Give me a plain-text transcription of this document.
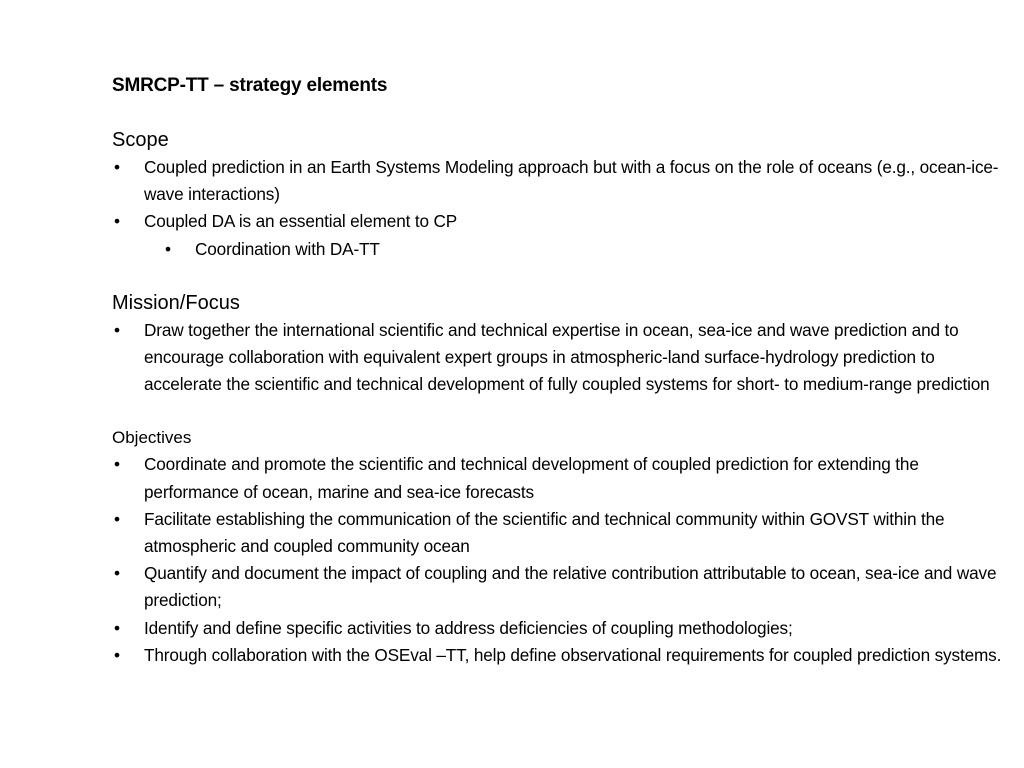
SMRCP-TT – strategy elements
Scope
• Coupled prediction in an Earth Systems Modeling approach but with a focus on the role of oceans (e.g., ocean-ice-wave interactions)
• Coupled DA is an essential element to CP
• Coordination with DA-TT
Mission/Focus
• Draw together the international scientific and technical expertise in ocean, sea-ice and wave prediction and to encourage collaboration with equivalent expert groups in atmospheric-land surface-hydrology prediction to accelerate the scientific and technical development of fully coupled systems for short- to medium-range prediction
Objectives
• Coordinate and promote the scientific and technical development of coupled prediction for extending the performance of ocean, marine and sea-ice forecasts
• Facilitate establishing the communication of the scientific and technical community within GOVST within the atmospheric and coupled community ocean
• Quantify and document the impact of coupling and the relative contribution attributable to ocean, sea-ice and wave prediction;
• Identify and define specific activities to address deficiencies of coupling methodologies;
• Through collaboration with the OSEval –TT, help define observational requirements for coupled prediction systems.
